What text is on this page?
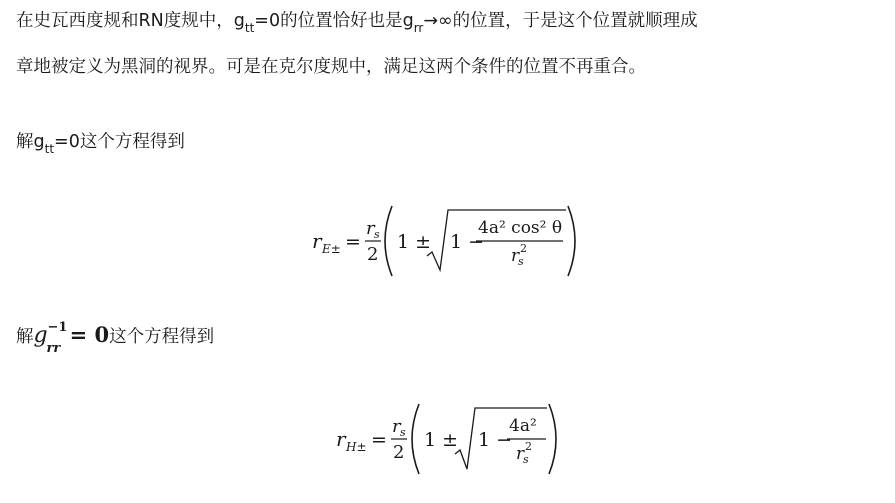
在史瓦西度规和RN度规中，$g_{tt}=0$的位置恰好也是$g_{rr}\to\infty$的位置，于是这个位置就顺理成
章地被定义为黑洞的视界。可是在克尔度规中，满足这两个条件的位置不再重合。
解$g_{tt}=0$这个方程得到
r E± =
r s
2
1 ± 1 −
4a² cos² θ
r
s
2
解g −1
rr
= 0这个方程得到
r H± =
r s
2
1 ± 1 −
4a²
r
s
2
